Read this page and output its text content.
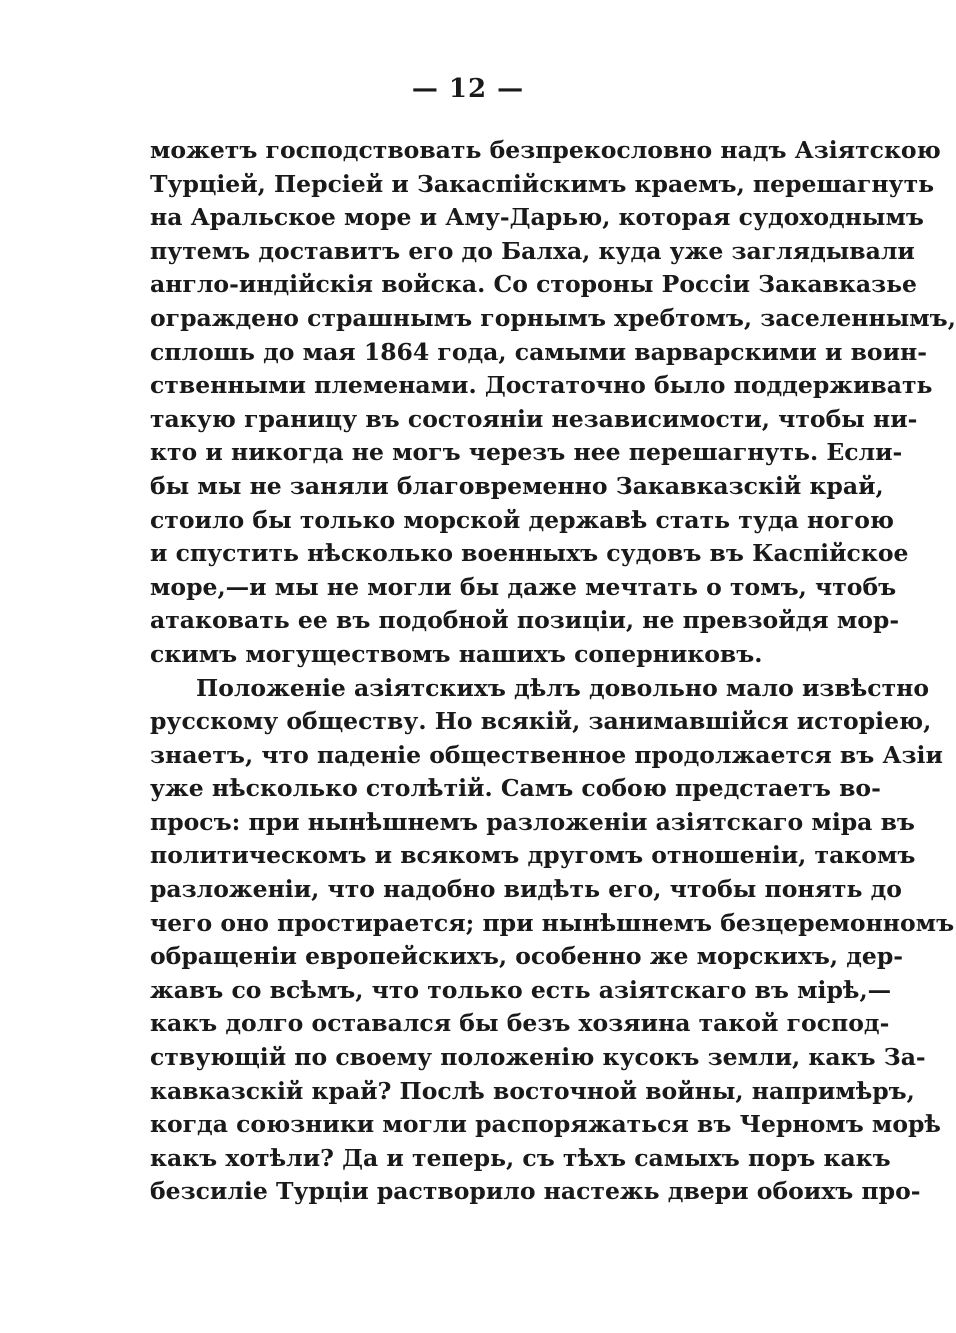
— 12 —
можетъ господствовать безпрекословно надъ Азіятскою
Турціей, Персіей и Закаспійскимъ краемъ, перешагнуть
на Аральское море и Аму-Дарью, которая судоходнымъ
путемъ доставитъ его до Балха, куда уже заглядывали
англо-индійскія войска. Со стороны Россіи Закавказье
ограждено страшнымъ горнымъ хребтомъ, заселеннымъ,
сплошь до мая 1864 года, самыми варварскими и воин-
ственными племенами. Достаточно было поддерживать
такую границу въ состояніи независимости, чтобы ни-
кто и никогда не могъ черезъ нее перешагнуть. Если-
бы мы не заняли благовременно Закавказскій край,
стоило бы только морской державѣ стать туда ногою
и спустить нѣсколько военныхъ судовъ въ Каспійское
море,—и мы не могли бы даже мечтать о томъ, чтобъ
атаковать ее въ подобной позиціи, не превзойдя мор-
скимъ могуществомъ нашихъ соперниковъ.
Положеніе азіятскихъ дѣлъ довольно мало извѣстно
русскому обществу. Но всякій, занимавшійся исторіею,
знаетъ, что паденіе общественное продолжается въ Азіи
уже нѣсколько столѣтій. Самъ собою предстаетъ во-
просъ: при нынѣшнемъ разложеніи азіятскаго міра въ
политическомъ и всякомъ другомъ отношеніи, такомъ
разложеніи, что надобно видѣть его, чтобы понять до
чего оно простирается; при нынѣшнемъ безцеремонномъ
обращеніи европейскихъ, особенно же морскихъ, дер-
жавъ со всѣмъ, что только есть азіятскаго въ мірѣ,—
какъ долго оставался бы безъ хозяина такой господ-
ствующій по своему положенію кусокъ земли, какъ За-
кавказскій край? Послѣ восточной войны, напримѣръ,
когда союзники могли распоряжаться въ Черномъ морѣ
какъ хотѣли? Да и теперь, съ тѣхъ самыхъ поръ какъ
безсиліе Турціи растворило настежь двери обоихъ про-
